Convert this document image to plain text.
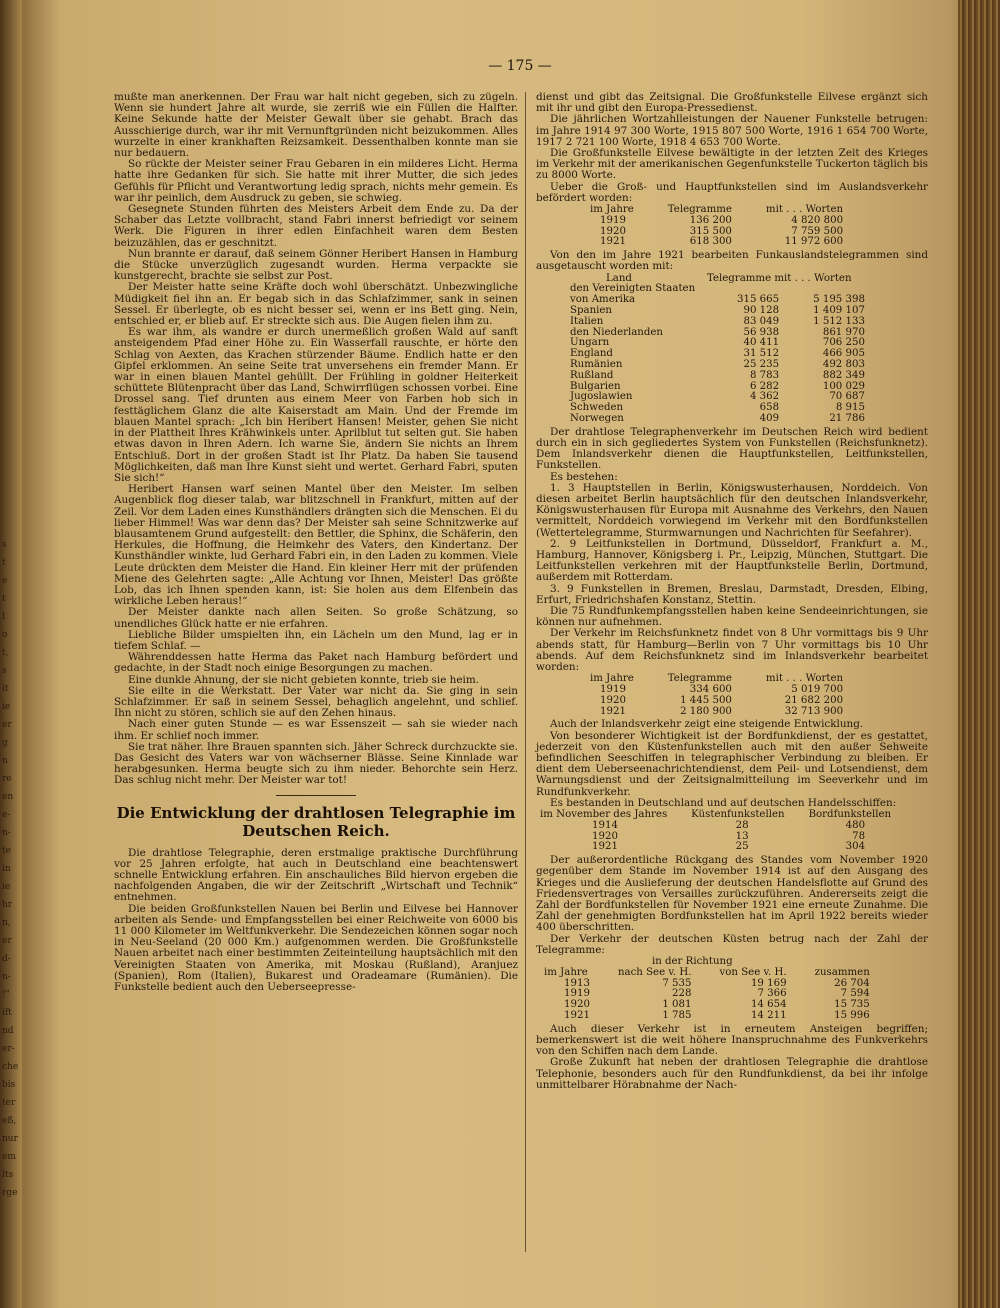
s
t
e
t
l
o
t,
s
it
ie
er
g
n
re
en
e-
n-
te
in
ie
hr
n,
er
d-
n-
!"
ift
nd
er-
che
bis
ter
eß,
nur
em
lts
rge
— 175 —

mußte man anerkennen. Der Frau war halt nicht gegeben, sich zu zügeln. Wenn sie hundert Jahre alt wurde, sie zerriß wie ein Füllen die Halfter. Keine Sekunde hatte der Meister Gewalt über sie gehabt. Brach das Ausschierige durch, war ihr mit Vernunftgründen nicht beizukommen. Alles wurzelte in einer krankhaften Reizsamkeit. Dessenthalben konnte man sie nur bedauern.

So rückte der Meister seiner Frau Gebaren in ein milderes Licht. Herma hatte ihre Gedanken für sich. Sie hatte mit ihrer Mutter, die sich jedes Gefühls für Pflicht und Verantwortung ledig sprach, nichts mehr gemein. Es war ihr peinlich, dem Ausdruck zu geben, sie schwieg.

Gesegnete Stunden führten des Meisters Arbeit dem Ende zu. Da der Schaber das Letzte vollbracht, stand Fabri innerst befriedigt vor seinem Werk. Die Figuren in ihrer edlen Einfachheit waren dem Besten beizuzählen, das er geschnitzt.

Nun brannte er darauf, daß seinem Gönner Heribert Hansen in Hamburg die Stücke unverzüglich zugesandt wurden. Herma verpackte sie kunstgerecht, brachte sie selbst zur Post.

Der Meister hatte seine Kräfte doch wohl überschätzt. Unbezwingliche Müdigkeit fiel ihn an. Er begab sich in das Schlafzimmer, sank in seinen Sessel. Er überlegte, ob es nicht besser sei, wenn er ins Bett ging. Nein, entschied er, er blieb auf. Er streckte sich aus. Die Augen fielen ihm zu.

Es war ihm, als wandre er durch unermeßlich großen Wald auf sanft ansteigendem Pfad einer Höhe zu. Ein Wasserfall rauschte, er hörte den Schlag von Aexten, das Krachen stürzender Bäume. Endlich hatte er den Gipfel erklommen. An seine Seite trat unversehens ein fremder Mann. Er war in einen blauen Mantel gehüllt. Der Frühling in goldner Heiterkeit schüttete Blütenpracht über das Land, Schwirrflügen schossen vorbei. Eine Drossel sang. Tief drunten aus einem Meer von Farben hob sich in festtäglichem Glanz die alte Kaiserstadt am Main. Und der Fremde im blauen Mantel sprach: „Ich bin Heribert Hansen! Meister, gehen Sie nicht in der Plattheit Ihres Krähwinkels unter. Aprilblut tut selten gut. Sie haben etwas davon in Ihren Adern. Ich warne Sie, ändern Sie nichts an Ihrem Entschluß. Dort in der großen Stadt ist Ihr Platz. Da haben Sie tausend Möglichkeiten, daß man Ihre Kunst sieht und wertet. Gerhard Fabri, sputen Sie sich!“

Heribert Hansen warf seinen Mantel über den Meister. Im selben Augenblick flog dieser talab, war blitzschnell in Frankfurt, mitten auf der Zeil. Vor dem Laden eines Kunsthändlers drängten sich die Menschen. Ei du lieber Himmel! Was war denn das? Der Meister sah seine Schnitzwerke auf blausamtenem Grund aufgestellt: den Bettler, die Sphinx, die Schäferin, den Herkules, die Hoffnung, die Heimkehr des Vaters, den Kindertanz. Der Kunsthändler winkte, lud Gerhard Fabri ein, in den Laden zu kommen. Viele Leute drückten dem Meister die Hand. Ein kleiner Herr mit der prüfenden Miene des Gelehrten sagte: „Alle Achtung vor Ihnen, Meister! Das größte Lob, das ich Ihnen spenden kann, ist: Sie holen aus dem Elfenbein das wirkliche Leben heraus!“

Der Meister dankte nach allen Seiten. So große Schätzung, so unendliches Glück hatte er nie erfahren.

Liebliche Bilder umspielten ihn, ein Lächeln um den Mund, lag er in tiefem Schlaf. —

Währenddessen hatte Herma das Paket nach Hamburg befördert und gedachte, in der Stadt noch einige Besorgungen zu machen.

Eine dunkle Ahnung, der sie nicht gebieten konnte, trieb sie heim.

Sie eilte in die Werkstatt. Der Vater war nicht da. Sie ging in sein Schlafzimmer. Er saß in seinem Sessel, behaglich angelehnt, und schlief. Ihn nicht zu stören, schlich sie auf den Zehen hinaus.

Nach einer guten Stunde — es war Essenszeit — sah sie wieder nach ihm. Er schlief noch immer.

Sie trat näher. Ihre Brauen spannten sich. Jäher Schreck durchzuckte sie. Das Gesicht des Vaters war von wächserner Blässe. Seine Kinnlade war herabgesunken. Herma beugte sich zu ihm nieder. Behorchte sein Herz. Das schlug nicht mehr. Der Meister war tot!

Die Entwicklung der drahtlosen Telegraphie im Deutschen Reich.

Die drahtlose Telegraphie, deren erstmalige praktische Durchführung vor 25 Jahren erfolgte, hat auch in Deutschland eine beachtenswert schnelle Entwicklung erfahren. Ein anschauliches Bild hiervon ergeben die nachfolgenden Angaben, die wir der Zeitschrift „Wirtschaft und Technik“ entnehmen.

Die beiden Großfunkstellen Nauen bei Berlin und Eilvese bei Hannover arbeiten als Sende- und Empfangsstellen bei einer Reichweite von 6000 bis 11 000 Kilometer im Weltfunkverkehr. Die Sendezeichen können sogar noch in Neu-Seeland (20 000 Km.) aufgenommen werden. Die Großfunkstelle Nauen arbeitet nach einer bestimmten Zeiteinteilung hauptsächlich mit den Vereinigten Staaten von Amerika, mit Moskau (Rußland), Aranjuez (Spanien), Rom (Italien), Bukarest und Oradeamare (Rumänien). Die Funkstelle bedient auch den Ueberseepresse-

dienst und gibt das Zeitsignal. Die Großfunkstelle Eilvese ergänzt sich mit ihr und gibt den Europa-Pressedienst.

Die jährlichen Wortzahlleistungen der Nauener Funkstelle betrugen: im Jahre 1914 97 300 Worte, 1915 807 500 Worte, 1916 1 654 700 Worte, 1917 2 721 100 Worte, 1918 4 653 700 Worte.

Die Großfunkstelle Eilvese bewältigte in der letzten Zeit des Krieges im Verkehr mit der amerikanischen Gegenfunkstelle Tuckerton täglich bis zu 8000 Worte.

Ueber die Groß- und Hauptfunkstellen sind im Auslandsverkehr befördert worden:

im Jahre	Telegramme	mit . . . Worten
1919	136 200	4 820 800
1920	315 500	7 759 500
1921	618 300	11 972 600

Von den im Jahre 1921 bearbeiten Funkauslandstelegrammen sind ausgetauscht worden mit:

Land	Telegramme mit . . . Worten	
den Vereinigten Staaten		
von Amerika	315 665	5 195 398
Spanien	90 128	1 409 107
Italien	83 049	1 512 133
den Niederlanden	56 938	861 970
Ungarn	40 411	706 250
England	31 512	466 905
Rumänien	25 235	492 803
Rußland	8 783	882 349
Bulgarien	6 282	100 029
Jugoslawien	4 362	70 687
Schweden	658	8 915
Norwegen	409	21 786

Der drahtlose Telegraphenverkehr im Deutschen Reich wird bedient durch ein in sich gegliedertes System von Funkstellen (Reichsfunknetz). Dem Inlandsverkehr dienen die Hauptfunkstellen, Leitfunkstellen, Funkstellen.

Es bestehen:

1. 3 Hauptstellen in Berlin, Königswusterhausen, Norddeich. Von diesen arbeitet Berlin hauptsächlich für den deutschen Inlandsverkehr, Königswusterhausen für Europa mit Ausnahme des Verkehrs, den Nauen vermittelt, Norddeich vorwiegend im Verkehr mit den Bordfunkstellen (Wettertelegramme, Sturmwarnungen und Nachrichten für Seefahrer).

2. 9 Leitfunkstellen in Dortmund, Düsseldorf, Frankfurt a. M., Hamburg, Hannover, Königsberg i. Pr., Leipzig, München, Stuttgart. Die Leitfunkstellen verkehren mit der Hauptfunkstelle Berlin, Dortmund, außerdem mit Rotterdam.

3. 9 Funkstellen in Bremen, Breslau, Darmstadt, Dresden, Elbing, Erfurt, Friedrichshafen Konstanz, Stettin.

Die 75 Rundfunkempfangsstellen haben keine Sendeeinrichtungen, sie können nur aufnehmen.

Der Verkehr im Reichsfunknetz findet von 8 Uhr vormittags bis 9 Uhr abends statt, für Hamburg—Berlin von 7 Uhr vormittags bis 10 Uhr abends. Auf dem Reichsfunknetz sind im Inlandsverkehr bearbeitet worden:

im Jahre	Telegramme	mit . . . Worten
1919	334 600	5 019 700
1920	1 445 500	21 682 200
1921	2 180 900	32 713 900

Auch der Inlandsverkehr zeigt eine steigende Entwicklung.

Von besonderer Wichtigkeit ist der Bordfunkdienst, der es gestattet, jederzeit von den Küstenfunkstellen auch mit den außer Sehweite befindlichen Seeschiffen in telegraphischer Verbindung zu bleiben. Er dient dem Ueberseenachrichtendienst, dem Peil- und Lotsendienst, dem Warnungsdienst und der Zeitsignalmitteilung im Seeverkehr und im Rundfunkverkehr.

Es bestanden in Deutschland und auf deutschen Handelsschiffen:

im November des Jahres	Küstenfunkstellen	Bordfunkstellen
1914	28	480
1920	13	78
1921	25	304

Der außerordentliche Rückgang des Standes vom November 1920 gegenüber dem Stande im November 1914 ist auf den Ausgang des Krieges und die Auslieferung der deutschen Handelsflotte auf Grund des Friedensvertrages von Versailles zurückzuführen. Andererseits zeigt die Zahl der Bordfunkstellen für November 1921 eine erneute Zunahme. Die Zahl der genehmigten Bordfunkstellen hat im April 1922 bereits wieder 400 überschritten.

Der Verkehr der deutschen Küsten betrug nach der Zahl der Telegramme:

	in der Richtung		
im Jahre	nach See v. H.	von See v. H.	zusammen
1913	7 535	19 169	26 704
1919	228	7 366	7 594
1920	1 081	14 654	15 735
1921	1 785	14 211	15 996

Auch dieser Verkehr ist in erneutem Ansteigen begriffen; bemerkenswert ist die weit höhere Inanspruchnahme des Funkverkehrs von den Schiffen nach dem Lande.

Große Zukunft hat neben der drahtlosen Telegraphie die drahtlose Telephonie, besonders auch für den Rundfunkdienst, da bei ihr infolge unmittelbarer Hörabnahme der Nach-
